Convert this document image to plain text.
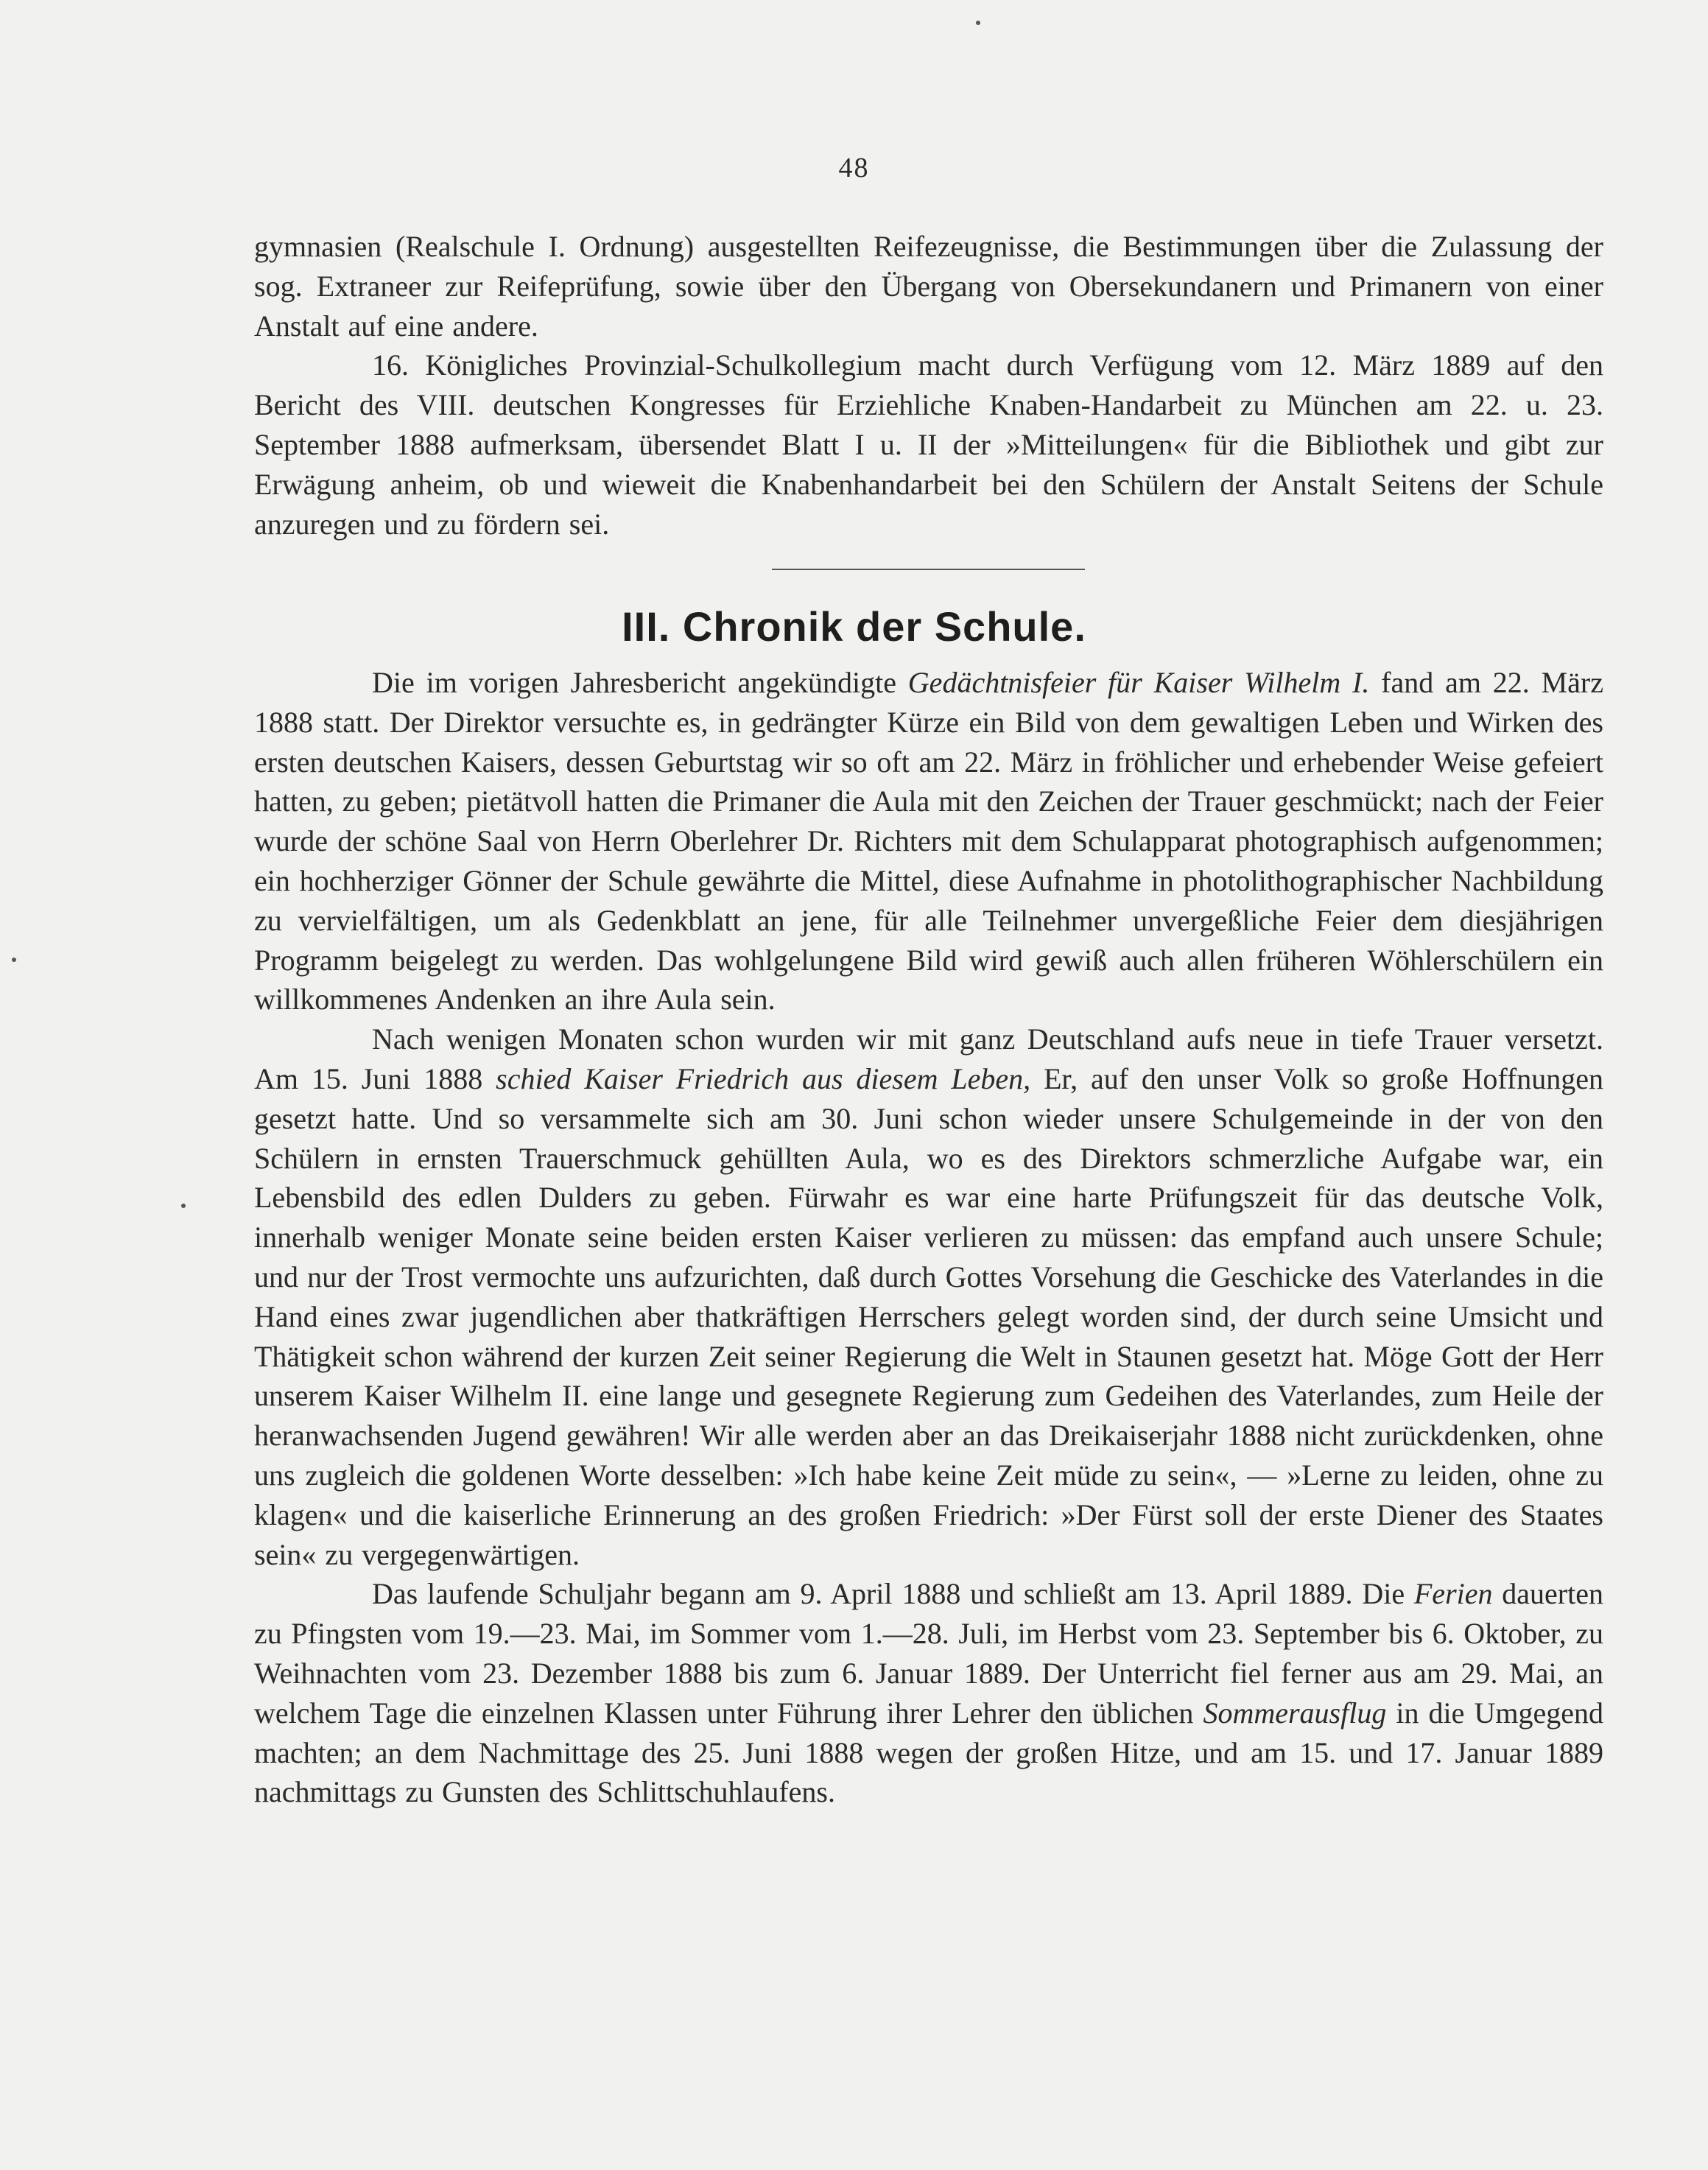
48

gymnasien (Realschule I. Ordnung) ausgestellten Reifezeugnisse, die Bestimmungen über die Zulassung der sog. Extraneer zur Reifeprüfung, sowie über den Übergang von Obersekundanern und Primanern von einer Anstalt auf eine andere.

16. Königliches Provinzial-Schulkollegium macht durch Verfügung vom 12. März 1889 auf den Bericht des VIII. deutschen Kongresses für Erziehliche Knaben-Handarbeit zu München am 22. u. 23. September 1888 aufmerksam, übersendet Blatt I u. II der »Mitteilungen« für die Bibliothek und gibt zur Erwägung anheim, ob und wieweit die Knabenhandarbeit bei den Schülern der Anstalt Seitens der Schule anzuregen und zu fördern sei.

III. Chronik der Schule.

Die im vorigen Jahresbericht angekündigte Gedächtnisfeier für Kaiser Wilhelm I. fand am 22. März 1888 statt. Der Direktor versuchte es, in gedrängter Kürze ein Bild von dem gewaltigen Leben und Wirken des ersten deutschen Kaisers, dessen Geburtstag wir so oft am 22. März in fröhlicher und erhebender Weise gefeiert hatten, zu geben; pietätvoll hatten die Primaner die Aula mit den Zeichen der Trauer geschmückt; nach der Feier wurde der schöne Saal von Herrn Oberlehrer Dr. Richters mit dem Schulapparat photographisch aufgenommen; ein hochherziger Gönner der Schule gewährte die Mittel, diese Aufnahme in photolithographischer Nachbildung zu vervielfältigen, um als Gedenkblatt an jene, für alle Teilnehmer unvergeßliche Feier dem diesjährigen Programm beigelegt zu werden. Das wohlgelungene Bild wird gewiß auch allen früheren Wöhlerschülern ein willkommenes Andenken an ihre Aula sein.

Nach wenigen Monaten schon wurden wir mit ganz Deutschland aufs neue in tiefe Trauer versetzt. Am 15. Juni 1888 schied Kaiser Friedrich aus diesem Leben, Er, auf den unser Volk so große Hoffnungen gesetzt hatte. Und so versammelte sich am 30. Juni schon wieder unsere Schulgemeinde in der von den Schülern in ernsten Trauerschmuck gehüllten Aula, wo es des Direktors schmerzliche Aufgabe war, ein Lebensbild des edlen Dulders zu geben. Fürwahr es war eine harte Prüfungszeit für das deutsche Volk, innerhalb weniger Monate seine beiden ersten Kaiser verlieren zu müssen: das empfand auch unsere Schule; und nur der Trost vermochte uns aufzurichten, daß durch Gottes Vorsehung die Geschicke des Vaterlandes in die Hand eines zwar jugendlichen aber thatkräftigen Herrschers gelegt worden sind, der durch seine Umsicht und Thätigkeit schon während der kurzen Zeit seiner Regierung die Welt in Staunen gesetzt hat. Möge Gott der Herr unserem Kaiser Wilhelm II. eine lange und gesegnete Regierung zum Gedeihen des Vaterlandes, zum Heile der heranwachsenden Jugend gewähren! Wir alle werden aber an das Dreikaiserjahr 1888 nicht zurückdenken, ohne uns zugleich die goldenen Worte desselben: »Ich habe keine Zeit müde zu sein«, — »Lerne zu leiden, ohne zu klagen« und die kaiserliche Erinnerung an des großen Friedrich: »Der Fürst soll der erste Diener des Staates sein« zu vergegenwärtigen.

Das laufende Schuljahr begann am 9. April 1888 und schließt am 13. April 1889. Die Ferien dauerten zu Pfingsten vom 19.—23. Mai, im Sommer vom 1.—28. Juli, im Herbst vom 23. September bis 6. Oktober, zu Weihnachten vom 23. Dezember 1888 bis zum 6. Januar 1889. Der Unterricht fiel ferner aus am 29. Mai, an welchem Tage die einzelnen Klassen unter Führung ihrer Lehrer den üblichen Sommerausflug in die Umgegend machten; an dem Nachmittage des 25. Juni 1888 wegen der großen Hitze, und am 15. und 17. Januar 1889 nachmittags zu Gunsten des Schlittschuhlaufens.
